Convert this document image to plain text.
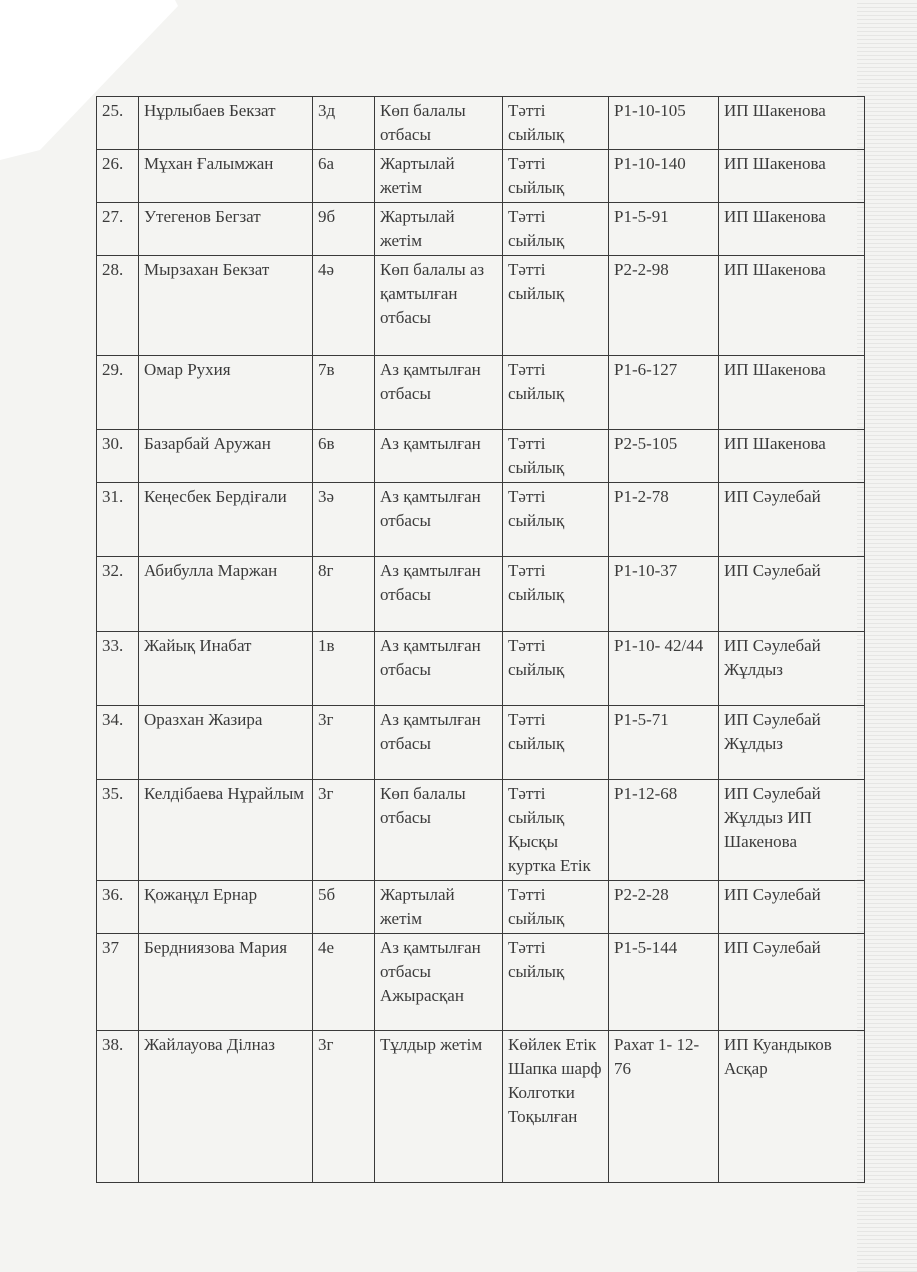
25.	Нұрлыбаев Бекзат	3д	Көп балалы отбасы	Тәтті сыйлық	Р1-10-105	ИП Шакенова
26.	Мұхан Ғалымжан	6а	Жартылай жетім	Тәтті сыйлық	Р1-10-140	ИП Шакенова
27.	Утегенов Бегзат	9б	Жартылай жетім	Тәтті сыйлық	Р1-5-91	ИП Шакенова
28.	Мырзахан Бекзат	4ә	Көп балалы аз қамтылған отбасы	Тәтті сыйлық	Р2-2-98	ИП Шакенова
29.	Омар Рухия	7в	Аз қамтылған отбасы	Тәтті сыйлық	Р1-6-127	ИП Шакенова
30.	Базарбай Аружан	6в	Аз қамтылған	Тәтті сыйлық	Р2-5-105	ИП Шакенова
31.	Кеңесбек Бердіғали	3ә	Аз қамтылған отбасы	Тәтті сыйлық	Р1-2-78	ИП Сәулебай
32.	Абибулла Маржан	8г	Аз қамтылған отбасы	Тәтті сыйлық	Р1-10-37	ИП Сәулебай
33.	Жайық Инабат	1в	Аз қамтылған отбасы	Тәтті сыйлық	Р1-10- 42/44	ИП Сәулебай Жұлдыз
34.	Оразхан Жазира	3г	Аз қамтылған отбасы	Тәтті сыйлық	Р1-5-71	ИП Сәулебай Жұлдыз
35.	Келдібаева Нұрайлым	3г	Көп балалы отбасы	Тәтті сыйлық Қысқы куртка Етік	Р1-12-68	ИП Сәулебай Жұлдыз ИП Шакенова
36.	Қожаңұл Ернар	5б	Жартылай жетім	Тәтті сыйлық	Р2-2-28	ИП Сәулебай
37	Бердниязова Мария	4е	Аз қамтылған отбасы Ажырасқан	Тәтті сыйлық	Р1-5-144	ИП Сәулебай
38.	Жайлауова Ділназ	3г	Тұлдыр жетім	Көйлек Етік Шапка шарф Колготки Тоқылған	Рахат 1- 12-76	ИП Куандыков Асқар
